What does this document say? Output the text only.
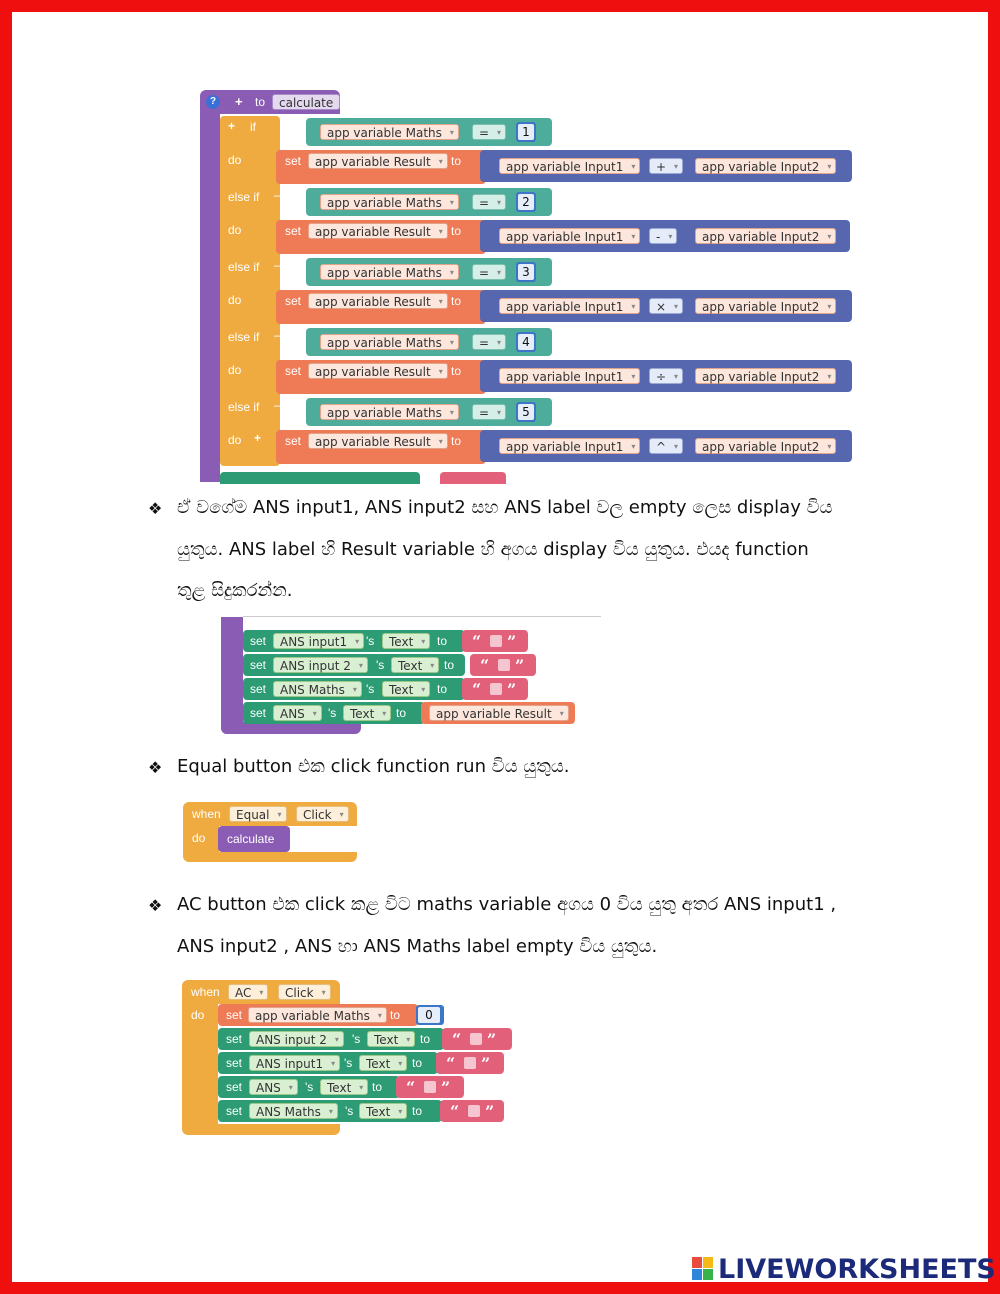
?	+ to	calculate
+ if
do
else if –
do
else if –
do
else if –
do
else if –
do +
app variable Maths ▾
app variable Maths ▾
app variable Maths ▾
app variable Maths ▾
app variable Maths ▾
= ▾
= ▾
= ▾
= ▾
= ▾
1
2
3
4
5
set
set
set
set
set
app variable Result ▾
app variable Result ▾
app variable Result ▾
app variable Result ▾
app variable Result ▾
to
to
to
to
to
app variable Input1 ▾
app variable Input1 ▾
app variable Input1 ▾
app variable Input1 ▾
app variable Input1 ▾
+ ▾
- ▾
× ▾
÷ ▾
^ ▾
app variable Input2 ▾
app variable Input2 ▾
app variable Input2 ▾
app variable Input2 ▾
app variable Input2 ▾
❖ ඒ වගේම ANS input1, ANS input2 සහ ANS label වල empty ලෙස display විය
යුතුය. ANS label හි Result variable හි අගය display විය යුතුය. එයද function
තුළ සිදුකරන්න.
set
set
set
set
ANS input1 ▾
ANS input 2 ▾
ANS Maths ▾
ANS ▾
's
's
's
's
Text ▾
Text ▾
Text ▾
Text ▾
to
to
to
to
“ ”
“ ”
“ ”
app variable Result ▾
❖ Equal button එක click function run විය යුතුය.
when	Equal ▾	Click ▾
do calculate
❖ AC button එක click කළ විට maths variable අගය 0 විය යුතු අතර ANS input1 ,
ANS input2 , ANS හා ANS Maths label empty විය යුතුය.
when	AC ▾	Click ▾
do set	app variable Maths ▾	to	0
set
set
set
set
ANS input 2 ▾
ANS input1 ▾
ANS ▾
ANS Maths ▾
's
's
's
's
Text ▾
Text ▾
Text ▾
Text ▾
to
to
to
to
“ ”
“ ”
“ ”
“ ”
LIVEWORKSHEETS
